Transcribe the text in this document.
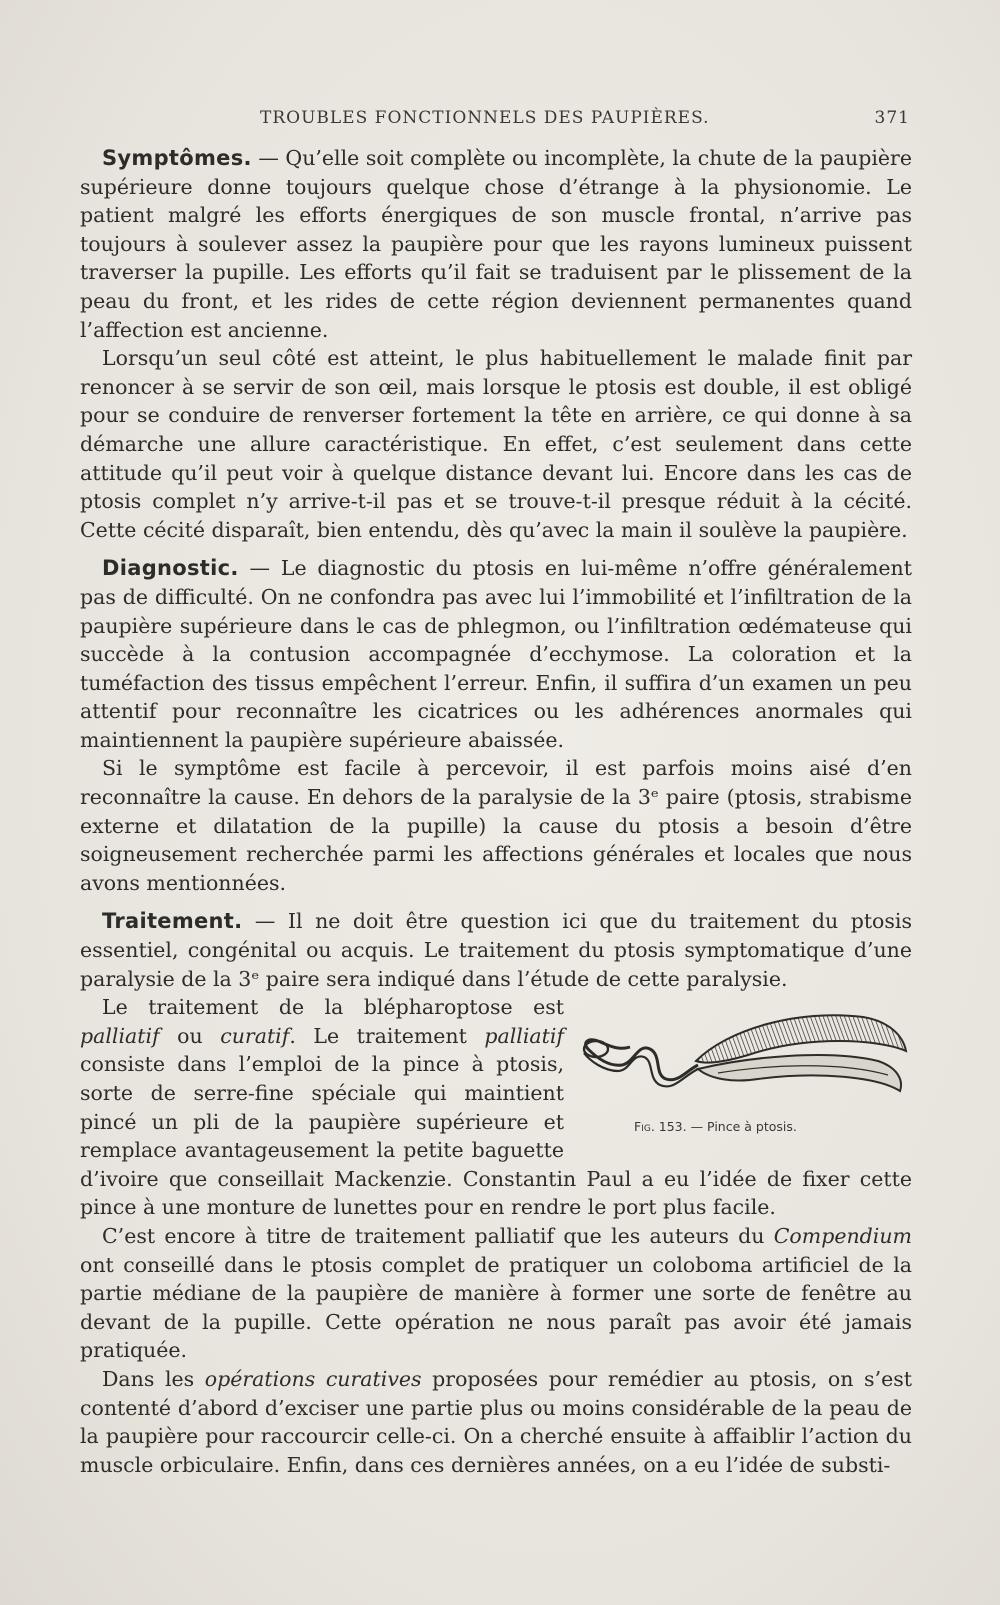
TROUBLES FONCTIONNELS DES PAUPIÈRES.	371

Symptômes. — Qu’elle soit complète ou incomplète, la chute de la paupière supérieure donne toujours quelque chose d’étrange à la physionomie. Le patient malgré les efforts énergiques de son muscle frontal, n’arrive pas toujours à soulever assez la paupière pour que les rayons lumineux puissent traverser la pupille. Les efforts qu’il fait se traduisent par le plissement de la peau du front, et les rides de cette région deviennent permanentes quand l’affection est ancienne.

Lorsqu’un seul côté est atteint, le plus habituellement le malade finit par renoncer à se servir de son œil, mais lorsque le ptosis est double, il est obligé pour se conduire de renverser fortement la tête en arrière, ce qui donne à sa démarche une allure caractéristique. En effet, c’est seulement dans cette attitude qu’il peut voir à quelque distance devant lui. Encore dans les cas de ptosis complet n’y arrive-t-il pas et se trouve-t-il presque réduit à la cécité. Cette cécité disparaît, bien entendu, dès qu’avec la main il soulève la paupière.

Diagnostic. — Le diagnostic du ptosis en lui-même n’offre généralement pas de difficulté. On ne confondra pas avec lui l’immobilité et l’infiltration de la paupière supérieure dans le cas de phlegmon, ou l’infiltration œdémateuse qui succède à la contusion accompagnée d’ecchymose. La coloration et la tuméfaction des tissus empêchent l’erreur. Enfin, il suffira d’un examen un peu attentif pour reconnaître les cicatrices ou les adhérences anormales qui maintiennent la paupière supérieure abaissée.

Si le symptôme est facile à percevoir, il est parfois moins aisé d’en reconnaître la cause. En dehors de la paralysie de la 3ᵉ paire (ptosis, strabisme externe et dilatation de la pupille) la cause du ptosis a besoin d’être soigneusement recherchée parmi les affections générales et locales que nous avons mentionnées.

Traitement. — Il ne doit être question ici que du traitement du ptosis essentiel, congénital ou acquis. Le traitement du ptosis symptomatique d’une paralysie de la 3ᵉ paire sera indiqué dans l’étude de cette paralysie.

Fig. 153. — Pince à ptosis.

Le traitement de la blépharoptose est palliatif ou curatif. Le traitement palliatif consiste dans l’emploi de la pince à ptosis, sorte de serre-fine spéciale qui maintient pincé un pli de la paupière supérieure et remplace avantageusement la petite baguette d’ivoire que conseillait Mackenzie. Constantin Paul a eu l’idée de fixer cette pince à une monture de lunettes pour en rendre le port plus facile.

C’est encore à titre de traitement palliatif que les auteurs du Compendium ont conseillé dans le ptosis complet de pratiquer un coloboma artificiel de la partie médiane de la paupière de manière à former une sorte de fenêtre au devant de la pupille. Cette opération ne nous paraît pas avoir été jamais pratiquée.

Dans les opérations curatives proposées pour remédier au ptosis, on s’est contenté d’abord d’exciser une partie plus ou moins considérable de la peau de la paupière pour raccourcir celle-ci. On a cherché ensuite à affaiblir l’action du muscle orbiculaire. Enfin, dans ces dernières années, on a eu l’idée de substi-
